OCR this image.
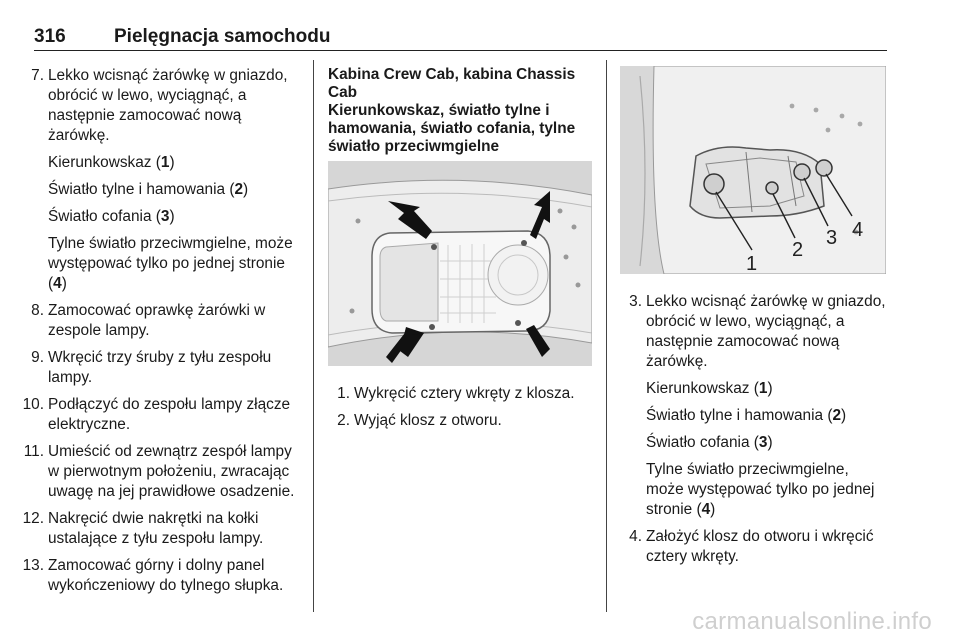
316	Pielęgnacja samochodu
7. Lekko wcisnąć żarówkę w gniazdo, obrócić w lewo, wyciągnąć, a następnie zamocować nową żarówkę.
Kierunkowskaz (1)
Światło tylne i hamowania (2)
Światło cofania (3)
Tylne światło przeciwmgielne, może występować tylko po jednej stronie (4)
8. Zamocować oprawkę żarówki w zespole lampy.
9. Wkręcić trzy śruby z tyłu zespołu lampy.
10. Podłączyć do zespołu lampy złącze elektryczne.
11. Umieścić od zewnątrz zespół lampy w pierwotnym położeniu, zwracając uwagę na jej prawidłowe osadzenie.
12. Nakręcić dwie nakrętki na kołki ustalające z tyłu zespołu lampy.
13. Zamocować górny i dolny panel wykończeniowy do tylnego słupka.

Kabina Crew Cab, kabina Chassis Cab

Kierunkowskaz, światło tylne i hamowania, światło cofania, tylne światło przeciwmgielne

1. Wykręcić cztery wkręty z klosza.
2. Wyjąć klosz z otworu.
1
2
3 4
3. Lekko wcisnąć żarówkę w gniazdo, obrócić w lewo, wyciągnąć, a następnie zamocować nową żarówkę.
Kierunkowskaz (1)
Światło tylne i hamowania (2)
Światło cofania (3)
Tylne światło przeciwmgielne, może występować tylko po jednej stronie (4)
4. Założyć klosz do otworu i wkręcić cztery wkręty.
carmanualsonline.info
